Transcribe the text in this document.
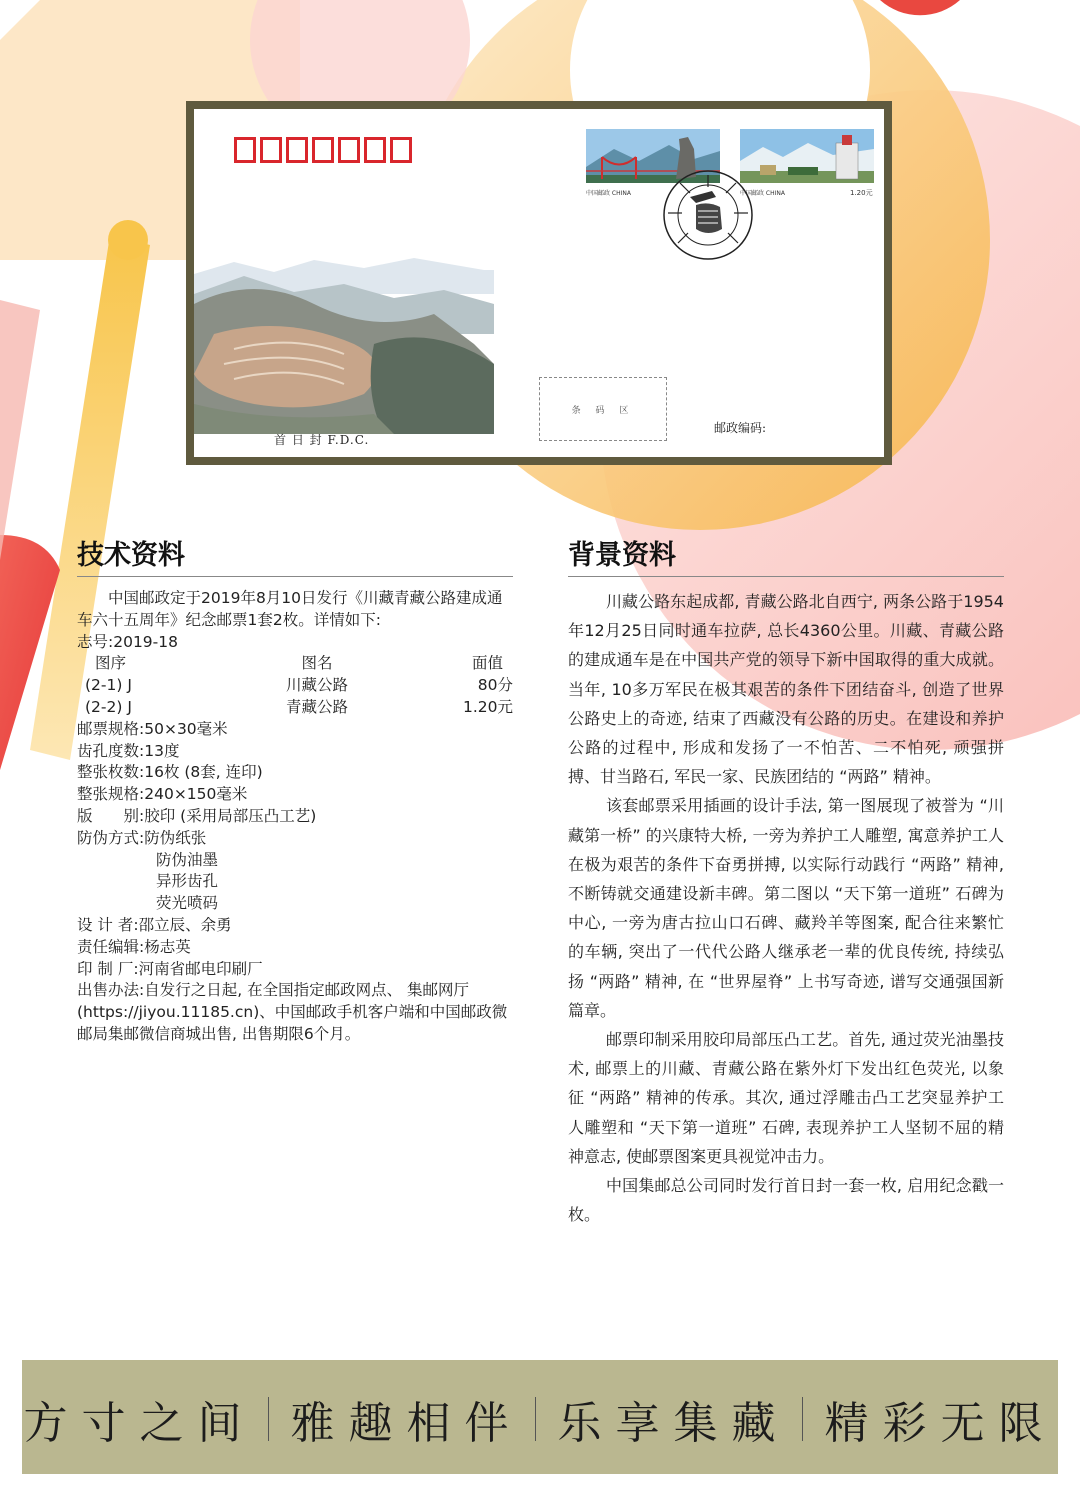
中国邮政 CHINA	中国邮政 CHINA	1.20元
首 日 封 F.D.C.
条 码 区
邮政编码:
技术资料

中国邮政定于2019年8月10日发行《川藏青藏公路建成通车六十五周年》纪念邮票1套2枚。详情如下:

志号:2019-18

图序	图名	面值
(2-1) J	川藏公路	80分
(2-2) J	青藏公路	1.20元
邮票规格: 50×30毫米
齿孔度数: 13度
整张枚数: 16枚 (8套, 连印)
整张规格: 240×150毫米
版　　别: 胶印 (采用局部压凸工艺)
防伪方式: 防伪纸张
防伪油墨
异形齿孔
荧光喷码
设 计 者: 邵立辰、余勇
责任编辑: 杨志英
印 制 厂: 河南省邮电印刷厂

出售办法:自发行之日起, 在全国指定邮政网点、 集邮网厅 (https://jiyou.11185.cn)、中国邮政手机客户端和中国邮政微邮局集邮微信商城出售, 出售期限6个月。

背景资料

川藏公路东起成都, 青藏公路北自西宁, 两条公路于1954年12月25日同时通车拉萨, 总长4360公里。川藏、青藏公路的建成通车是在中国共产党的领导下新中国取得的重大成就。当年, 10多万军民在极其艰苦的条件下团结奋斗, 创造了世界公路史上的奇迹, 结束了西藏没有公路的历史。在建设和养护公路的过程中, 形成和发扬了一不怕苦、二不怕死, 顽强拼搏、甘当路石, 军民一家、民族团结的 “两路” 精神。

该套邮票采用插画的设计手法, 第一图展现了被誉为 “川藏第一桥” 的兴康特大桥, 一旁为养护工人雕塑, 寓意养护工人在极为艰苦的条件下奋勇拼搏, 以实际行动践行 “两路” 精神, 不断铸就交通建设新丰碑。第二图以 “天下第一道班” 石碑为中心, 一旁为唐古拉山口石碑、藏羚羊等图案, 配合往来繁忙的车辆, 突出了一代代公路人继承老一辈的优良传统, 持续弘扬 “两路” 精神, 在 “世界屋脊” 上书写奇迹, 谱写交通强国新篇章。

邮票印制采用胶印局部压凸工艺。首先, 通过荧光油墨技术, 邮票上的川藏、青藏公路在紫外灯下发出红色荧光, 以象征 “两路” 精神的传承。其次, 通过浮雕击凸工艺突显养护工人雕塑和 “天下第一道班” 石碑, 表现养护工人坚韧不屈的精神意志, 使邮票图案更具视觉冲击力。

中国集邮总公司同时发行首日封一套一枚, 启用纪念戳一枚。

方寸之间 雅趣相伴 乐享集藏 精彩无限
